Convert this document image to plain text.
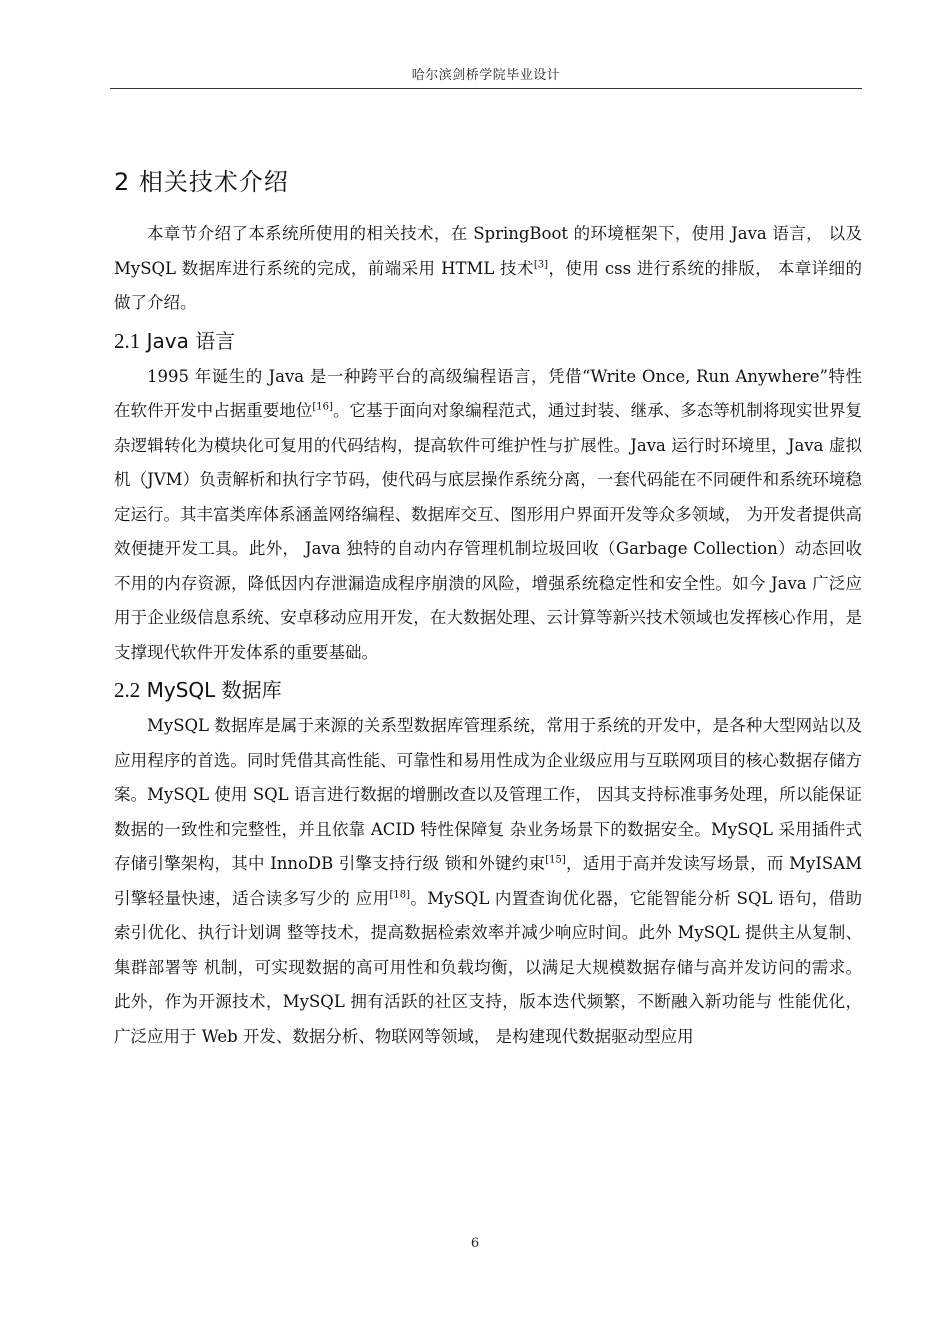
哈尔滨剑桥学院毕业设计
2 相关技术介绍

本章节介绍了本系统所使用的相关技术，在 SpringBoot 的环境框架下，使用 Java 语言， 以及 MySQL 数据库进行系统的完成，前端采用 HTML 技术[3]，使用 css 进行系统的排版， 本章详细的做了介绍。

2.1 Java 语言

1995 年诞生的 Java 是一种跨平台的高级编程语言，凭借“Write Once, Run Anywhere”特性在软件开发中占据重要地位[16]。它基于面向对象编程范式，通过封装、继承、多态等机制将现实世界复杂逻辑转化为模块化可复用的代码结构，提高软件可维护性与扩展性。Java 运行时环境里，Java 虚拟机（JVM）负责解析和执行字节码，使代码与底层操作系统分离，一套代码能在不同硬件和系统环境稳定运行。其丰富类库体系涵盖网络编程、数据库交互、图形用户界面开发等众多领域， 为开发者提供高效便捷开发工具。此外， Java 独特的自动内存管理机制垃圾回收（Garbage Collection）动态回收不用的内存资源，降低因内存泄漏造成程序崩溃的风险，增强系统稳定性和安全性。如今 Java 广泛应用于企业级信息系统、安卓移动应用开发，在大数据处理、云计算等新兴技术领域也发挥核心作用，是支撑现代软件开发体系的重要基础。

2.2 MySQL 数据库

MySQL 数据库是属于来源的关系型数据库管理系统，常用于系统的开发中，是各种大型网站以及应用程序的首选。同时凭借其高性能、可靠性和易用性成为企业级应用与互联网项目的核心数据存储方案。MySQL 使用 SQL 语言进行数据的增删改查以及管理工作， 因其支持标准事务处理，所以能保证数据的一致性和完整性，并且依靠 ACID 特性保障复 杂业务场景下的数据安全。MySQL 采用插件式存储引擎架构，其中 InnoDB 引擎支持行级 锁和外键约束[15]，适用于高并发读写场景，而 MyISAM 引擎轻量快速，适合读多写少的 应用[18]。MySQL 内置查询优化器，它能智能分析 SQL 语句，借助索引优化、执行计划调 整等技术，提高数据检索效率并减少响应时间。此外 MySQL 提供主从复制、集群部署等 机制，可实现数据的高可用性和负载均衡，以满足大规模数据存储与高并发访问的需求。 此外，作为开源技术，MySQL 拥有活跃的社区支持，版本迭代频繁，不断融入新功能与 性能优化，广泛应用于 Web 开发、数据分析、物联网等领域， 是构建现代数据驱动型应用

6
